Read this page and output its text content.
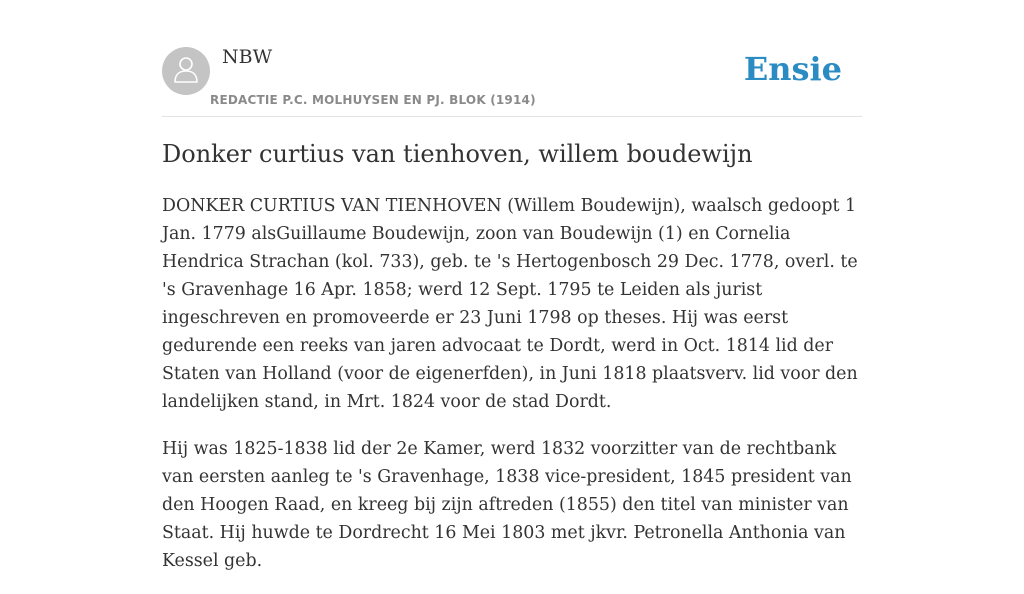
NBW
REDACTIE P.C. MOLHUYSEN EN PJ. BLOK (1914)
Ensie
Donker curtius van tienhoven, willem boudewijn

DONKER CURTIUS VAN TIENHOVEN (Willem Boudewijn), waalsch gedoopt 1 Jan. 1779 alsGuillaume Boudewijn, zoon van Boudewijn (1) en Cornelia Hendrica Strachan (kol. 733), geb. te 's Hertogenbosch 29 Dec. 1778, overl. te 's Gravenhage 16 Apr. 1858; werd 12 Sept. 1795 te Leiden als jurist ingeschreven en promoveerde er 23 Juni 1798 op theses. Hij was eerst gedurende een reeks van jaren advocaat te Dordt, werd in Oct. 1814 lid der Staten van Holland (voor de eigenerfden), in Juni 1818 plaatsverv. lid voor den landelijken stand, in Mrt. 1824 voor de stad Dordt.

Hij was 1825-1838 lid der 2e Kamer, werd 1832 voorzitter van de rechtbank van eersten aanleg te 's Gravenhage, 1838 vice-president, 1845 president van den Hoogen Raad, en kreeg bij zijn aftreden (1855) den titel van minister van Staat. Hij huwde te Dordrecht 16 Mei 1803 met jkvr. Petronella Anthonia van Kessel geb.
